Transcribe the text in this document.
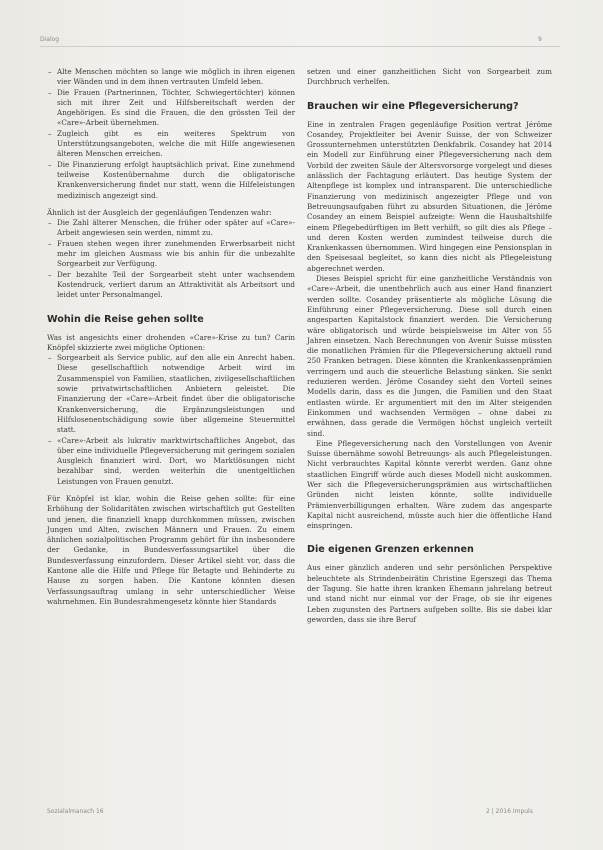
Dialog	9
– Alte Menschen möchten so lange wie möglich in ihren eigenen vier Wänden und in dem ihnen vertrauten Umfeld leben.
– Die Frauen (Partnerinnen, Töchter, Schwiegertöchter) können sich mit ihrer Zeit und Hilfsbereitschaft werden der Angehörigen. Es sind die Frauen, die den grössten Teil der «Care»-Arbeit übernehmen.
– Zugleich gibt es ein weiteres Spektrum von Unterstützungsangeboten, welche die mit Hilfe angewiesenen älteren Menschen erreichen.
– Die Finanzierung erfolgt hauptsächlich privat. Eine zunehmend teilweise Kostenübernahme durch die obligatorische Krankenversicherung findet nur statt, wenn die Hilfeleistungen medizinisch angezeigt sind.

Ähnlich ist der Ausgleich der gegenläufigen Tendenzen wahr:

– Die Zahl älterer Menschen, die früher oder später auf «Care»-Arbeit angewiesen sein werden, nimmt zu.
– Frauen stehen wegen ihrer zunehmenden Erwerbsarbeit nicht mehr im gleichen Ausmass wie bis anhin für die unbezahlte Sorgearbeit zur Verfügung.
– Der bezahlte Teil der Sorgearbeit steht unter wachsendem Kostendruck, verliert darum an Attraktivität als Arbeitsort und leidet unter Personalmangel.
Wohin die Reise gehen sollte

Was ist angesichts einer drohenden «Care»-Krise zu tun? Carin Knöpfel skizzierte zwei mögliche Optionen:

– Sorgearbeit als Service public, auf den alle ein Anrecht haben. Diese gesellschaftlich notwendige Arbeit wird im Zusammenspiel von Familien, staatlichen, zivilgesellschaftlichen sowie privatwirtschaftlichen Anbietern geleistet. Die Finanzierung der «Care»-Arbeit findet über die obligatorische Krankenversicherung, die Ergänzungsleistungen und Hilfslosenentschädigung sowie über allgemeine Steuermittel statt.
– «Care»-Arbeit als lukrativ marktwirtschaftliches Angebot, das über eine individuelle Pflegeversicherung mit geringem sozialen Ausgleich finanziert wird. Dort, wo Marktlösungen nicht bezahlbar sind, werden weiterhin die unentgeltlichen Leistungen von Frauen genutzt.

Für Knöpfel ist klar, wohin die Reise gehen sollte: für eine Erhöhung der Solidaritäten zwischen wirtschaftlich gut Gestellten und jenen, die finanziell knapp durchkommen müssen, zwischen Jungen und Alten, zwischen Männern und Frauen. Zu einem ähnlichen sozialpolitischen Programm gehört für ihn insbesondere der Gedanke, in Bundesverfassungsartikel über die Bundesverfassung einzufordern. Dieser Artikel sieht vor, dass die Kantone alle die Hilfe und Pflege für Betagte und Behinderte zu Hause zu sorgen haben. Die Kantone könnten diesen Verfassungsauftrag umlang in sehr unterschiedlicher Weise wahrnehmen. Ein Bundesrahmengesetz könnte hier Standards

setzen und einer ganzheitlichen Sicht von Sorgearbeit zum Durchbruch verhelfen.

Brauchen wir eine Pflegeversicherung?

Eine in zentralen Fragen gegenläufige Position vertrat Jérôme Cosandey, Projektleiter bei Avenir Suisse, der von Schweizer Grossunternehmen unterstützten Denkfabrik. Cosandey hat 2014 ein Modell zur Einführung einer Pflegeversicherung nach dem Vorbild der zweiten Säule der Altersvorsorge vorgelegt und dieses anlässlich der Fachtagung erläutert. Das heutige System der Altenpflege ist komplex und intransparent. Die unterschiedliche Finanzierung von medizinisch angezeigter Pflege und von Betreuungsaufgaben führt zu absurden Situationen, die Jérôme Cosandey an einem Beispiel aufzeigte: Wenn die Haushaltshilfe einem Pflegebedürftigen im Bett verhilft, so gilt dies als Pflege – und deren Kosten werden zumindest teilweise durch die Krankenkassen übernommen. Wird hingegen eine Pensionsplan in den Speisesaal begleitet, so kann dies nicht als Pflegeleistung abgerechnet werden.

Dieses Beispiel spricht für eine ganzheitliche Verständnis von «Care»-Arbeit, die unentbehrlich auch aus einer Hand finanziert werden sollte. Cosandey präsentierte als mögliche Lösung die Einführung einer Pflegeversicherung. Diese soll durch einen angesparten Kapitalstock finanziert werden. Die Versicherung wäre obligatorisch und würde beispielsweise im Alter von 55 Jahren einsetzen. Nach Berechnungen von Avenir Suisse müssten die monatlichen Prämien für die Pflegeversicherung aktuell rund 250 Franken betragen. Diese könnten die Krankenkassenprämien verringern und auch die steuerliche Belastung sänken. Sie senkt reduzieren werden. Jérôme Cosandey sieht den Vorteil seines Modells darin, dass es die Jungen, die Familien und den Staat entlasten würde. Er argumentiert mit den im Alter steigenden Einkommen und wachsenden Vermögen – ohne dabei zu erwähnen, dass gerade die Vermögen höchst ungleich verteilt sind.

Eine Pflegeversicherung nach den Vorstellungen von Avenir Suisse übernähme sowohl Betreuungs- als auch Pflegeleistungen. Nicht verbrauchtes Kapital könnte vererbt werden. Ganz ohne staatlichen Eingriff würde auch dieses Modell nicht auskommen. Wer sich die Pflegeversicherungsprämien aus wirtschaftlichen Gründen nicht leisten könnte, sollte individuelle Prämienverbilligungen erhalten. Wäre zudem das angesparte Kapital nicht ausreichend, müsste auch hier die öffentliche Hand einspringen.

Die eigenen Grenzen erkennen

Aus einer gänzlich anderen und sehr persönlichen Perspektive beleuchtete als Strindenbeirätin Christine Egerszegi das Thema der Tagung. Sie hatte ihren kranken Ehemann jahrelang betreut und stand nicht nur einmal vor der Frage, ob sie ihr eigenes Leben zugunsten des Partners aufgeben sollte. Bis sie dabei klar geworden, dass sie ihre Beruf

Sozialalmanach 16	2 | 2016 Impuls
